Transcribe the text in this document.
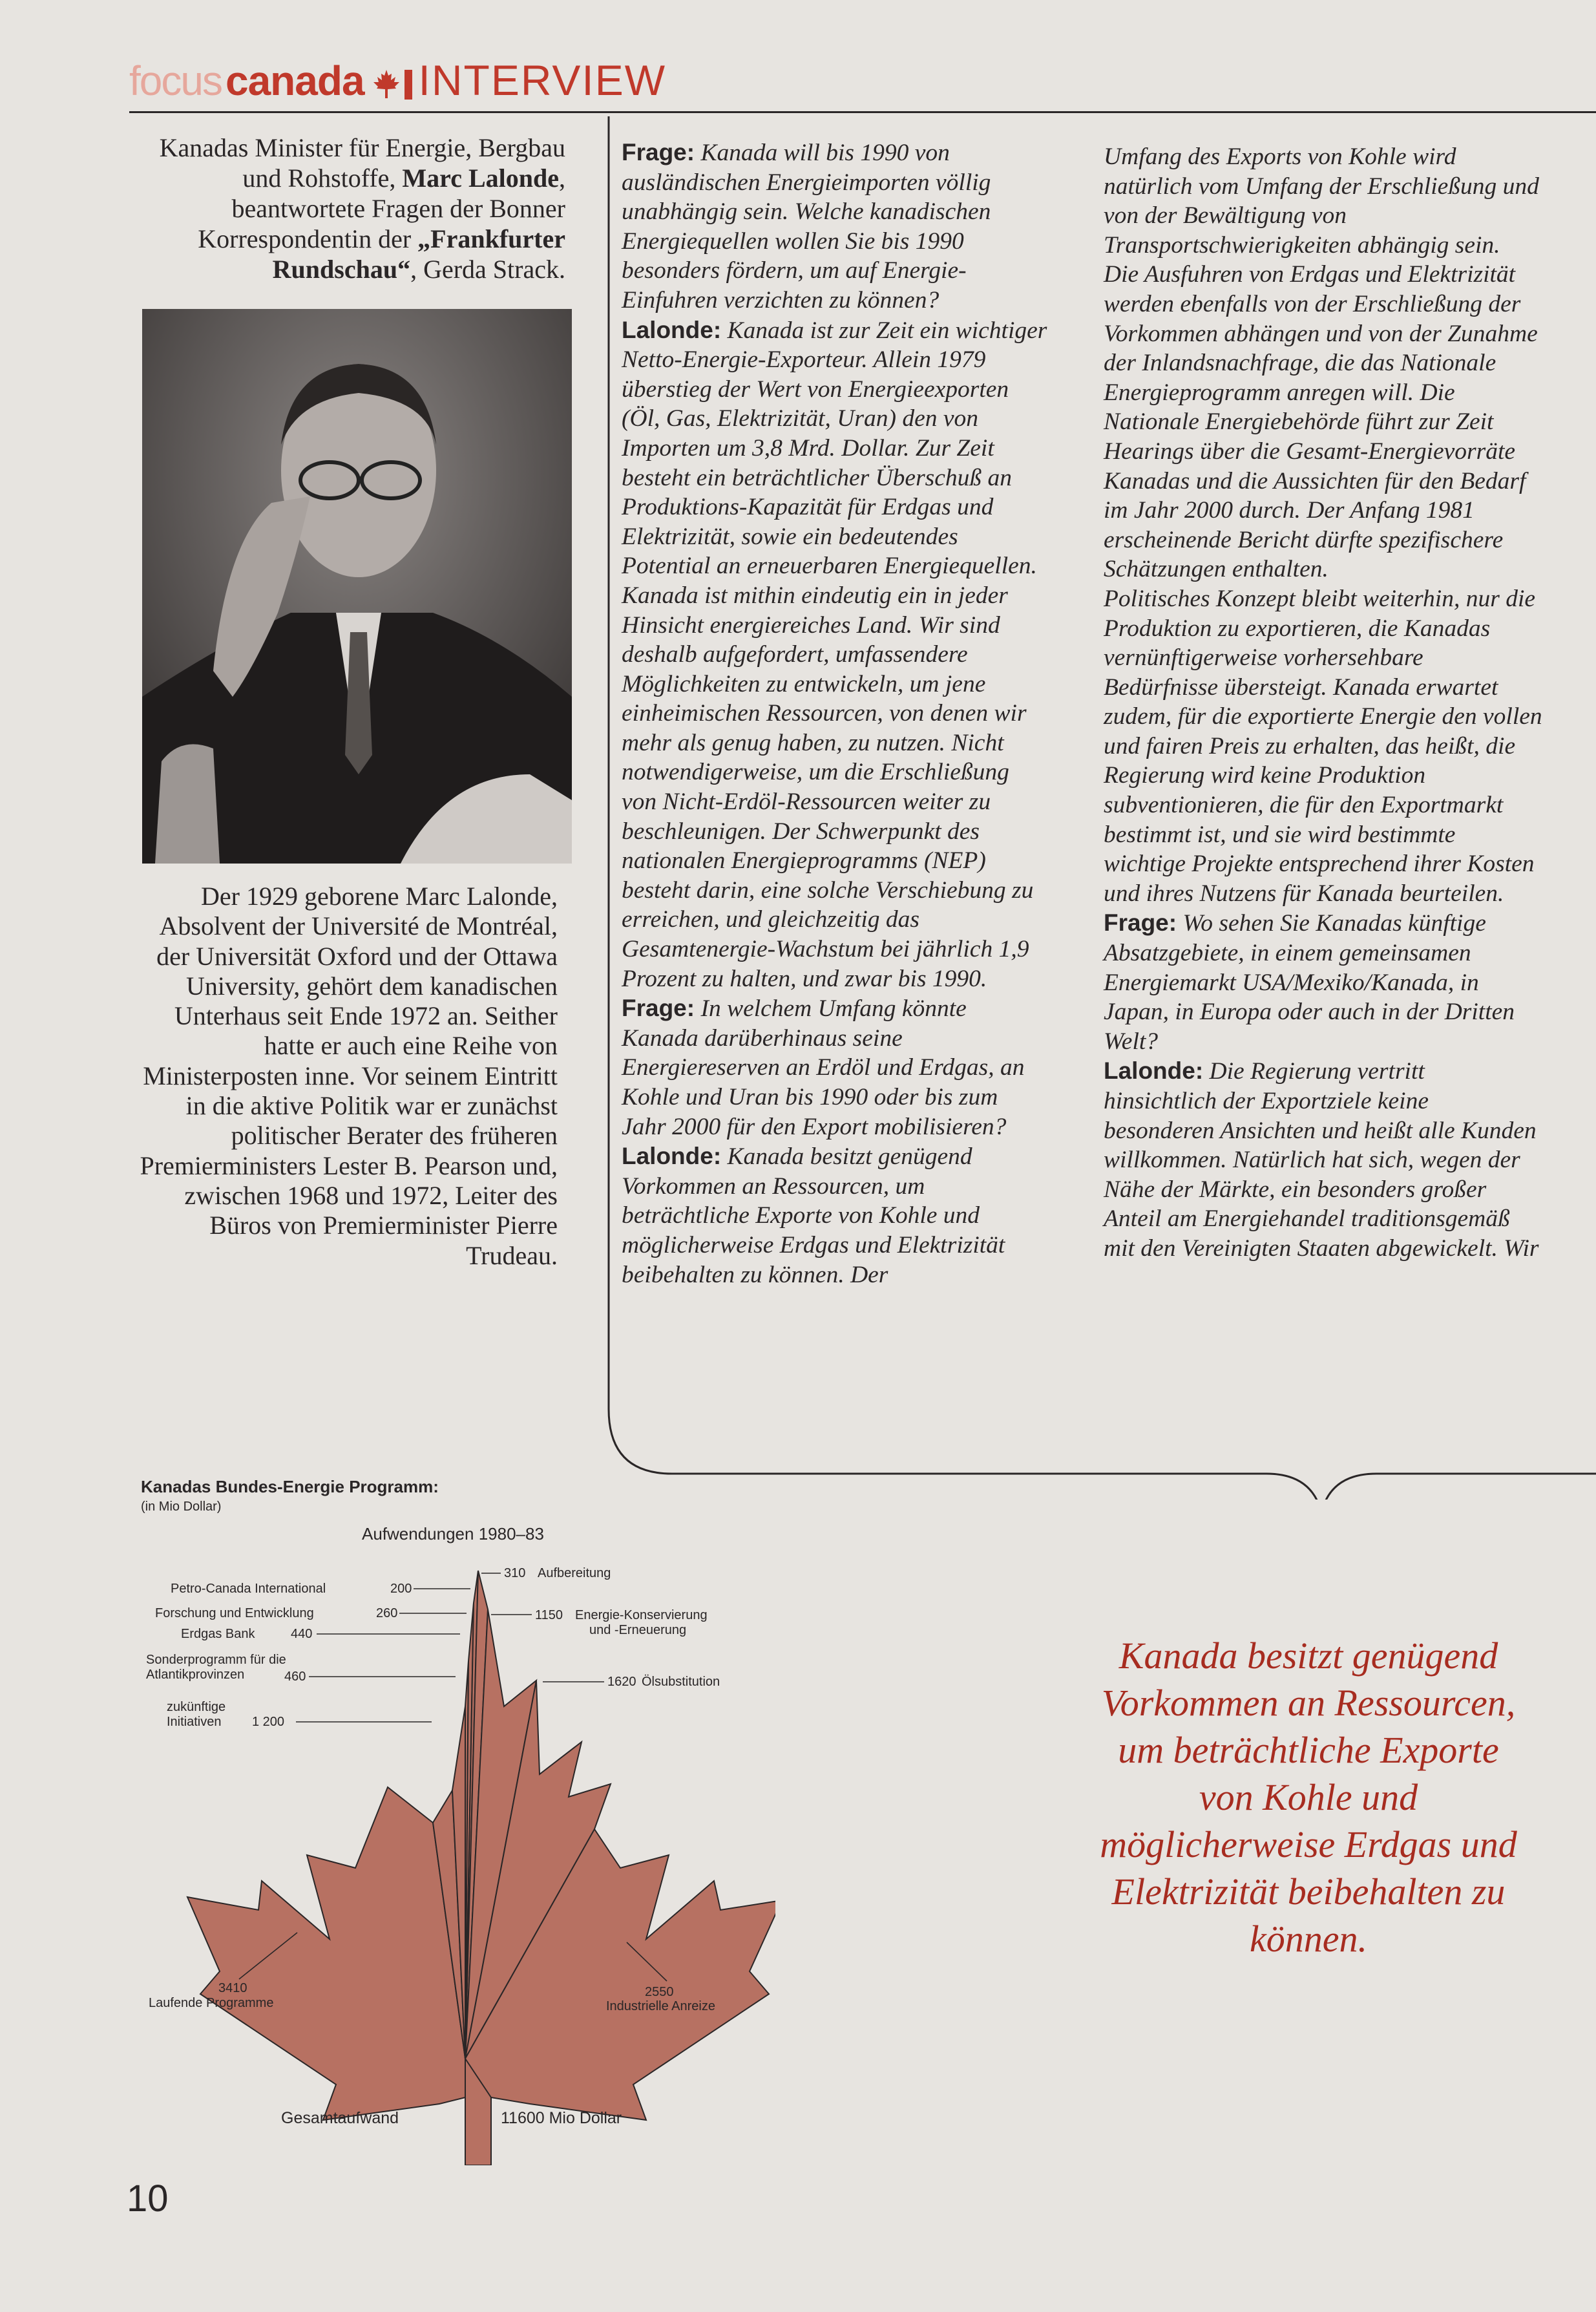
focus canada INTERVIEW
Kanadas Minister für Energie, Bergbau und Rohstoffe, Marc Lalonde, beantwortete Fragen der Bonner Korrespondentin der „Frankfurter Rundschau“, Gerda Strack.
Der 1929 geborene Marc Lalonde, Absolvent der Université de Montréal, der Universität Oxford und der Ottawa University, gehört dem kanadischen Unterhaus seit Ende 1972 an. Seither hatte er auch eine Reihe von Ministerposten inne. Vor seinem Eintritt in die aktive Politik war er zunächst politischer Berater des früheren Premierministers Lester B. Pearson und, zwischen 1968 und 1972, Leiter des Büros von Premierminister Pierre Trudeau.
Frage: Kanada will bis 1990 von ausländischen Energieimporten völlig unabhängig sein. Welche kanadischen Energiequellen wollen Sie bis 1990 besonders fördern, um auf Energie-Einfuhren verzichten zu können?
Lalonde: Kanada ist zur Zeit ein wichtiger Netto-Energie-Exporteur. Allein 1979 überstieg der Wert von Energieexporten (Öl, Gas, Elektrizität, Uran) den von Importen um 3,8 Mrd. Dollar. Zur Zeit besteht ein beträchtlicher Überschuß an Produktions-Kapazität für Erdgas und Elektrizität, sowie ein bedeutendes Potential an erneuerbaren Energiequellen. Kanada ist mithin eindeutig ein in jeder Hinsicht energiereiches Land. Wir sind deshalb aufgefordert, umfassendere Möglichkeiten zu entwickeln, um jene einheimischen Ressourcen, von denen wir mehr als genug haben, zu nutzen. Nicht notwendigerweise, um die Erschließung von Nicht-Erdöl-Ressourcen weiter zu beschleunigen. Der Schwerpunkt des nationalen Energieprogramms (NEP) besteht darin, eine solche Verschiebung zu erreichen, und gleichzeitig das Gesamtenergie-Wachstum bei jährlich 1,9 Prozent zu halten, und zwar bis 1990.
Frage: In welchem Umfang könnte Kanada darüberhinaus seine Energiereserven an Erdöl und Erdgas, an Kohle und Uran bis 1990 oder bis zum Jahr 2000 für den Export mobilisieren?
Lalonde: Kanada besitzt genügend Vorkommen an Ressourcen, um beträchtliche Exporte von Kohle und möglicherweise Erdgas und Elektrizität beibehalten zu können. Der
Umfang des Exports von Kohle wird natürlich vom Umfang der Erschließung und von der Bewältigung von Transportschwierigkeiten abhängig sein.
Die Ausfuhren von Erdgas und Elektrizität werden ebenfalls von der Erschließung der Vorkommen abhängen und von der Zunahme der Inlandsnachfrage, die das Nationale Energieprogramm anregen will. Die Nationale Energiebehörde führt zur Zeit Hearings über die Gesamt-Energievorräte Kanadas und die Aussichten für den Bedarf im Jahr 2000 durch. Der Anfang 1981 erscheinende Bericht dürfte spezifischere Schätzungen enthalten.
Politisches Konzept bleibt weiterhin, nur die Produktion zu exportieren, die Kanadas vernünftigerweise vorhersehbare Bedürfnisse übersteigt. Kanada erwartet zudem, für die exportierte Energie den vollen und fairen Preis zu erhalten, das heißt, die Regierung wird keine Produktion subventionieren, die für den Exportmarkt bestimmt ist, und sie wird bestimmte wichtige Projekte entsprechend ihrer Kosten und ihres Nutzens für Kanada beurteilen.
Frage: Wo sehen Sie Kanadas künftige Absatzgebiete, in einem gemeinsamen Energiemarkt USA/Mexiko/Kanada, in Japan, in Europa oder auch in der Dritten Welt?
Lalonde: Die Regierung vertritt hinsichtlich der Exportziele keine besonderen Ansichten und heißt alle Kunden willkommen. Natürlich hat sich, wegen der Nähe der Märkte, ein besonders großer Anteil am Energiehandel traditionsgemäß mit den Vereinigten Staaten abgewickelt. Wir
Kanadas Bundes-Energie Programm:
(in Mio Dollar)
Aufwendungen 1980–83
310 Aufbereitung
200
Petro-Canada International
260
Forschung und Entwicklung	1150 Energie-Konservierung
und -Erneuerung
440
Erdgas Bank
Sonderprogramm für die
Atlantikprovinzen	460	1620 Ölsubstitution
zukünftige
Initiativen 1 200
3410
Laufende Programme
2550
Industrielle Anreize
Gesamtaufwand	11600 Mio Dollar
Kanada besitzt genügend Vorkommen an Ressourcen, um beträchtliche Exporte von Kohle und möglicherweise Erdgas und Elektrizität beibehalten zu können.
10
